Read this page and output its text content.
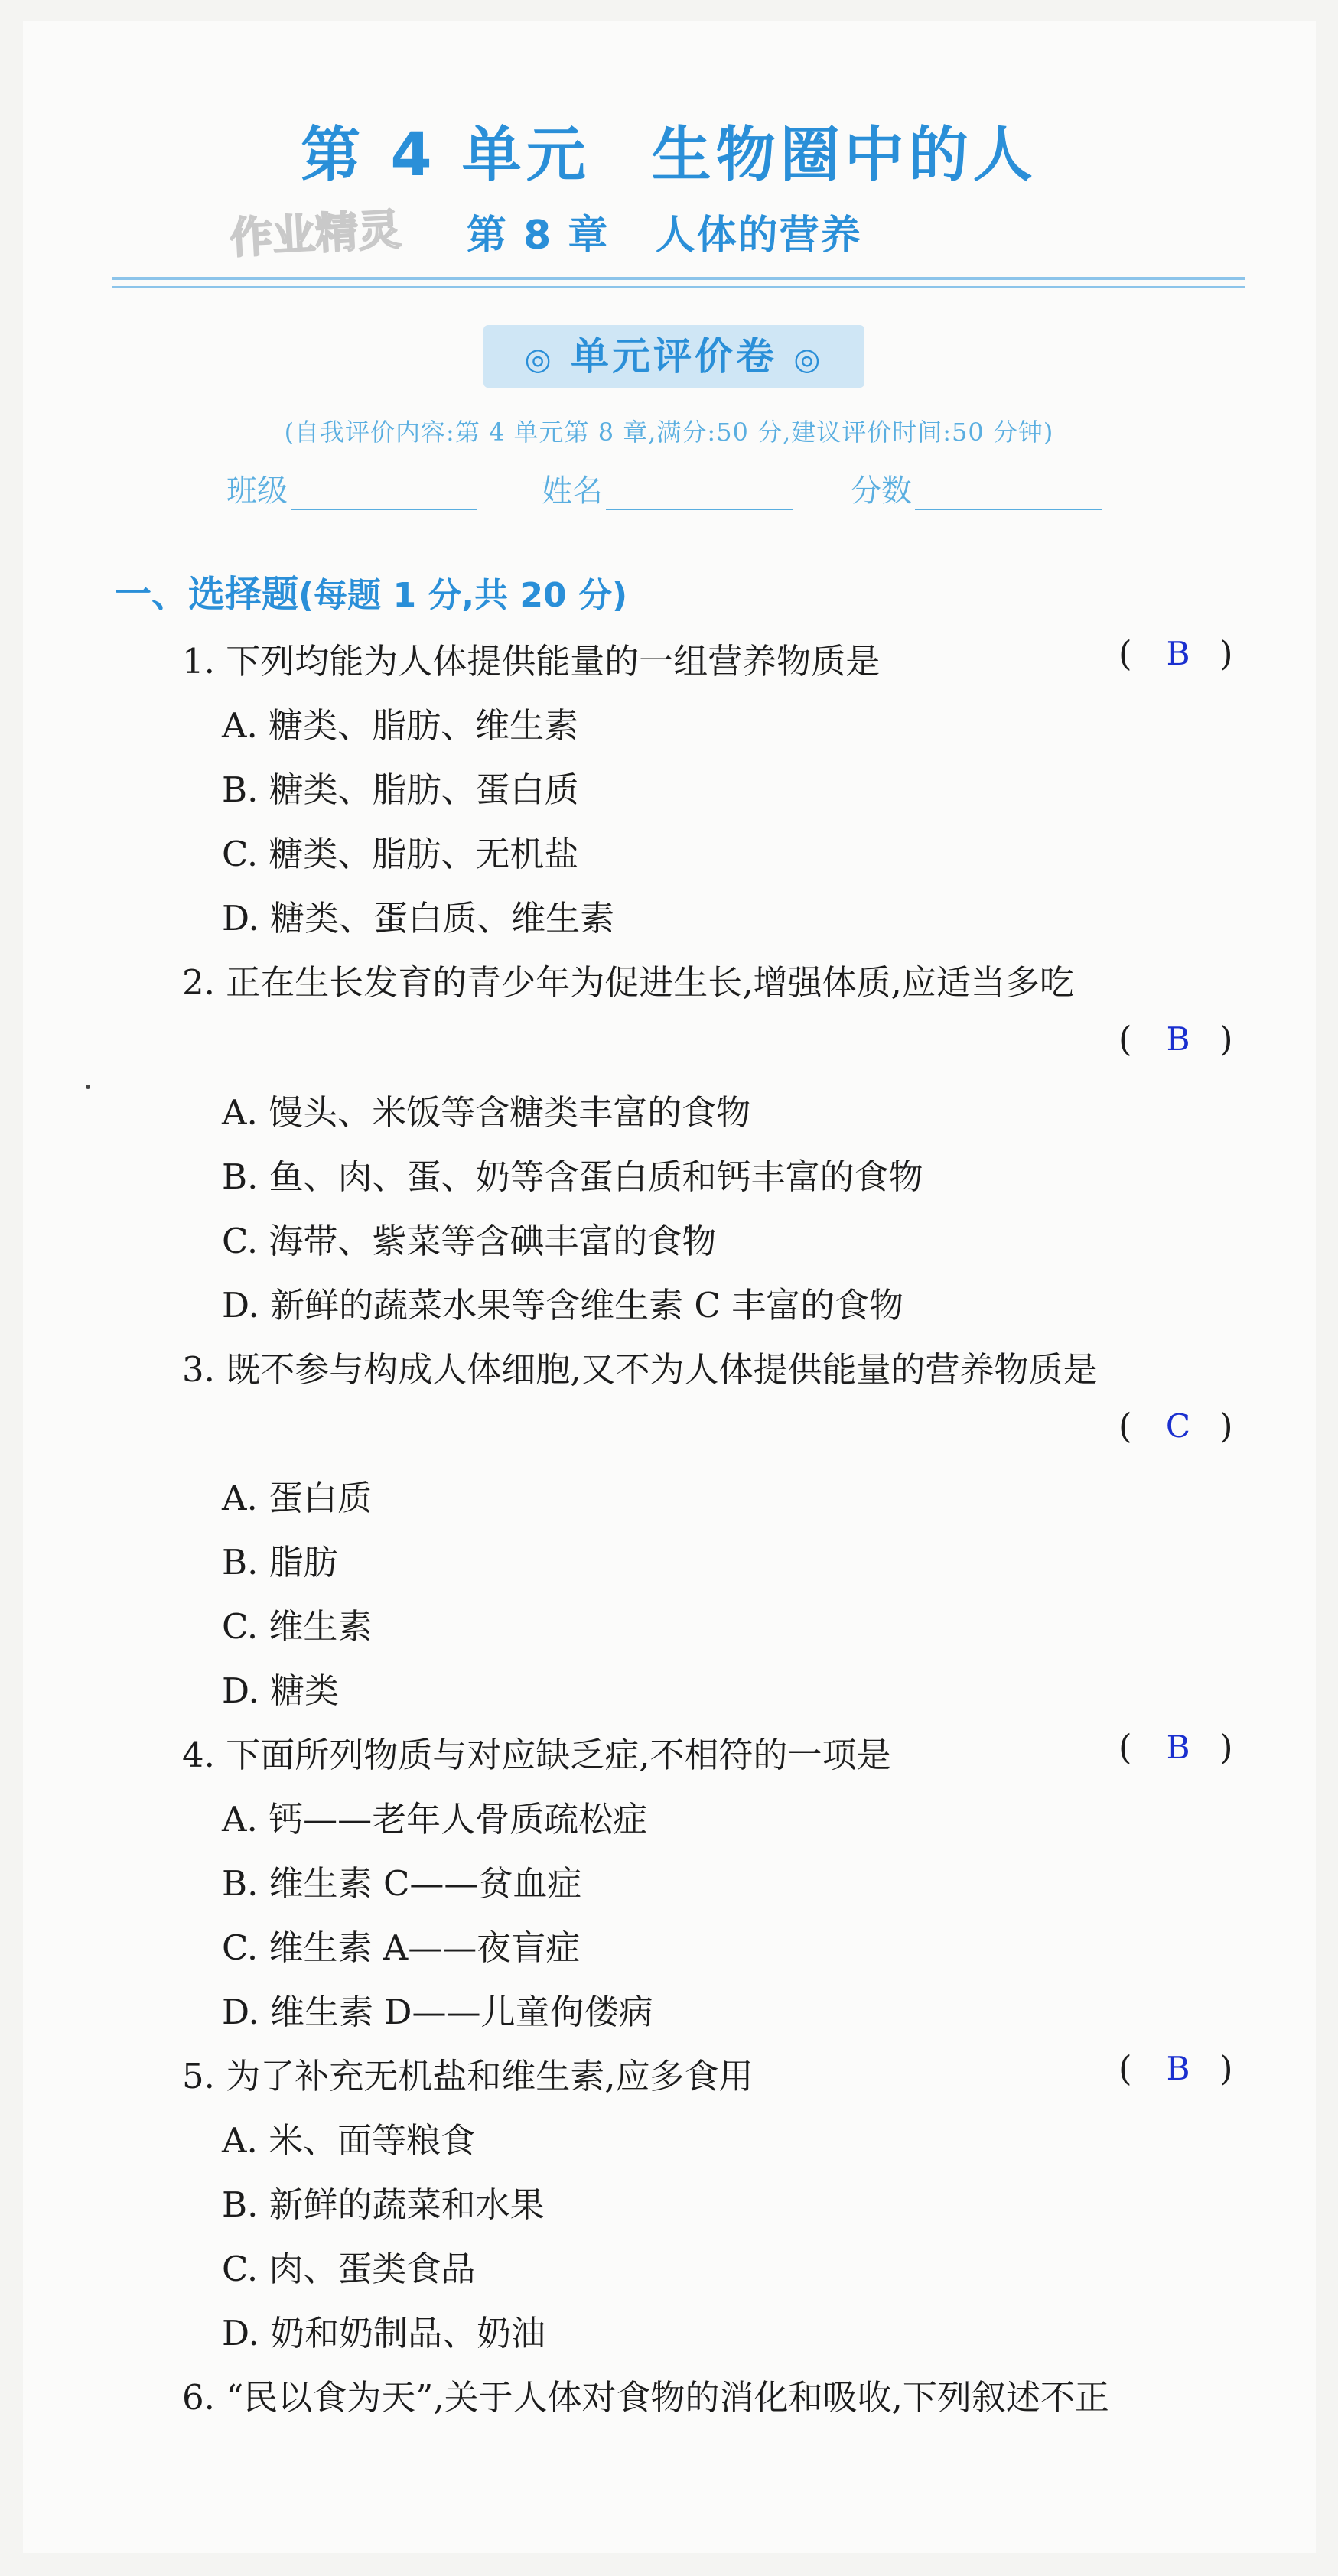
第 4 单元 生物圈中的人
作业精灵 第 8 章 人体的营养
◎ 单元评价卷 ◎
(自我评价内容:第 4 单元第 8 章,满分:50 分,建议评价时间:50 分钟)
班级	姓名	分数
一、选择题(每题 1 分,共 20 分)
1. 下列均能为人体提供能量的一组营养物质是	( B )
A. 糖类、脂肪、维生素
B. 糖类、脂肪、蛋白质
C. 糖类、脂肪、无机盐
D. 糖类、蛋白质、维生素
2. 正在生长发育的青少年为促进生长,增强体质,应适当多吃
( B )
A. 馒头、米饭等含糖类丰富的食物
B. 鱼、肉、蛋、奶等含蛋白质和钙丰富的食物
C. 海带、紫菜等含碘丰富的食物
D. 新鲜的蔬菜水果等含维生素 C 丰富的食物
3. 既不参与构成人体细胞,又不为人体提供能量的营养物质是
( C )
A. 蛋白质
B. 脂肪
C. 维生素
D. 糖类
4. 下面所列物质与对应缺乏症,不相符的一项是	( B )
A. 钙——老年人骨质疏松症
B. 维生素 C——贫血症
C. 维生素 A——夜盲症
D. 维生素 D——儿童佝偻病
5. 为了补充无机盐和维生素,应多食用	( B )
A. 米、面等粮食
B. 新鲜的蔬菜和水果
C. 肉、蛋类食品
D. 奶和奶制品、奶油
6. “民以食为天”,关于人体对食物的消化和吸收,下列叙述不正
